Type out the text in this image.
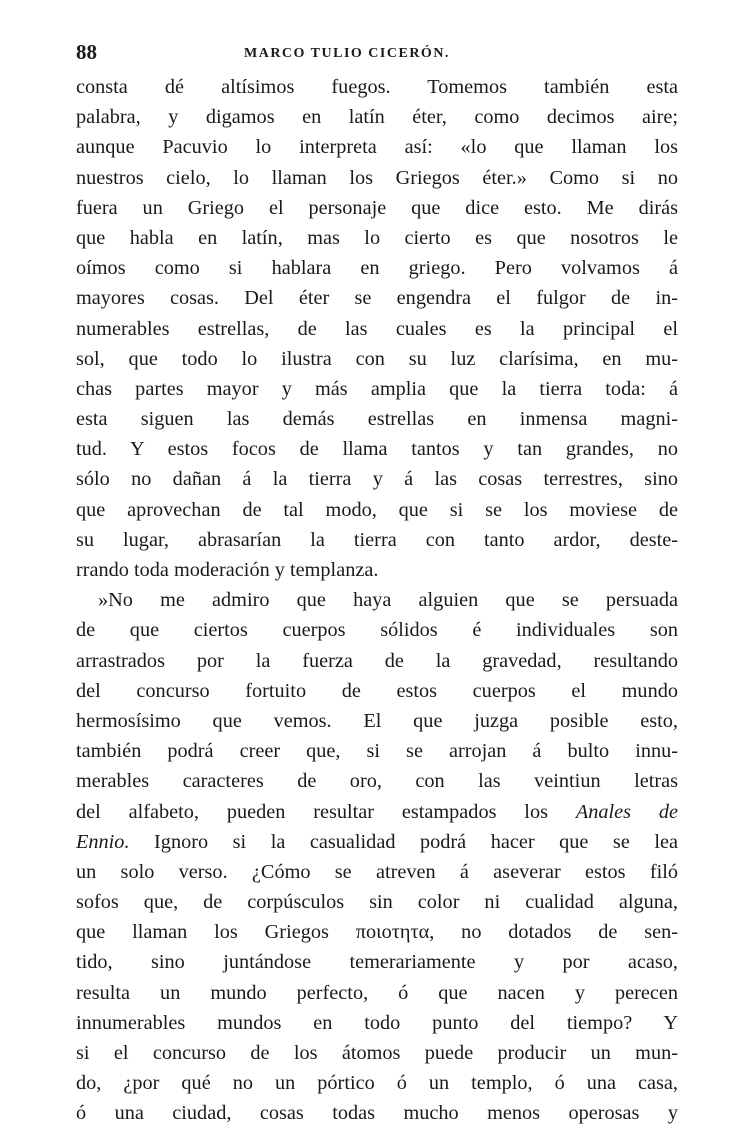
88	MARCO TULIO CICERÓN.
consta dé altísimos fuegos. Tomemos también esta
palabra, y digamos en latín éter, como decimos aire;
aunque Pacuvio lo interpreta así: «lo que llaman los
nuestros cielo, lo llaman los Griegos éter.» Como si no
fuera un Griego el personaje que dice esto. Me dirás
que habla en latín, mas lo cierto es que nosotros le
oímos como si hablara en griego. Pero volvamos á
mayores cosas. Del éter se engendra el fulgor de in-
numerables estrellas, de las cuales es la principal el
sol, que todo lo ilustra con su luz clarísima, en mu-
chas partes mayor y más amplia que la tierra toda: á
esta siguen las demás estrellas en inmensa magni-
tud. Y estos focos de llama tantos y tan grandes, no
sólo no dañan á la tierra y á las cosas terrestres, sino
que aprovechan de tal modo, que si se los moviese de
su lugar, abrasarían la tierra con tanto ardor, deste-
rrando toda moderación y templanza.
»No me admiro que haya alguien que se persuada
de que ciertos cuerpos sólidos é individuales son
arrastrados por la fuerza de la gravedad, resultando
del concurso fortuito de estos cuerpos el mundo
hermosísimo que vemos. El que juzga posible esto,
también podrá creer que, si se arrojan á bulto innu-
merables caracteres de oro, con las veintiun letras
del alfabeto, pueden resultar estampados los Anales de
Ennio. Ignoro si la casualidad podrá hacer que se lea
un solo verso. ¿Cómo se atreven á aseverar estos filó
sofos que, de corpúsculos sin color ni cualidad alguna,
que llaman los Griegos ποιοτητα, no dotados de sen-
tido, sino juntándose temerariamente y por acaso,
resulta un mundo perfecto, ó que nacen y perecen
innumerables mundos en todo punto del tiempo? Y
si el concurso de los átomos puede producir un mun-
do, ¿por qué no un pórtico ó un templo, ó una casa,
ó una ciudad, cosas todas mucho menos operosas y
